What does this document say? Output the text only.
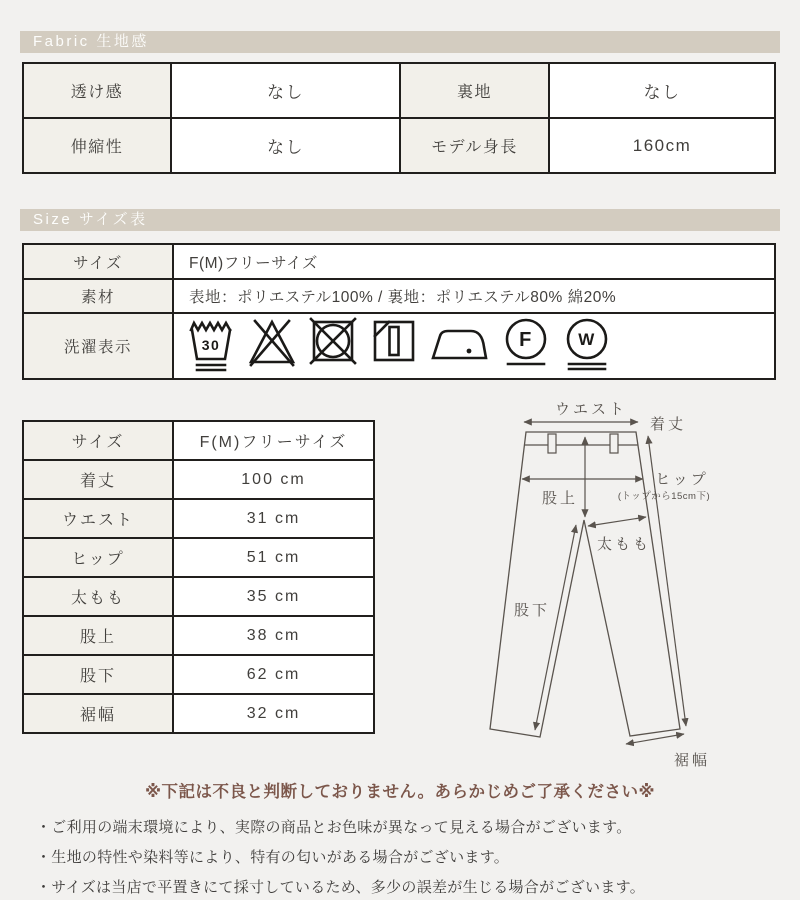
Fabric 生地感
透け感	なし	裏地	なし
伸縮性	なし	モデル身長	160cm
Size サイズ表
サイズ	F(M)フリーサイズ
素材	表地：ポリエステル100% / 裏地：ポリエステル80% 綿20%
洗濯表示	30	F	W
サイズ	F(M)フリーサイズ
着丈	100 cm
ウエスト	31 cm
ヒップ	51 cm
太もも	35 cm
股上	38 cm
股下	62 cm
裾幅	32 cm
ウエスト
着丈
ヒップ
(トップから15cm下)
股上
太もも
股下
裾幅
※下記は不良と判断しておりません。あらかじめご了承ください※
・ご利用の端末環境により、実際の商品とお色味が異なって見える場合がございます。
・生地の特性や染料等により、特有の匂いがある場合がございます。
・サイズは当店で平置きにて採寸しているため、多少の誤差が生じる場合がございます。
